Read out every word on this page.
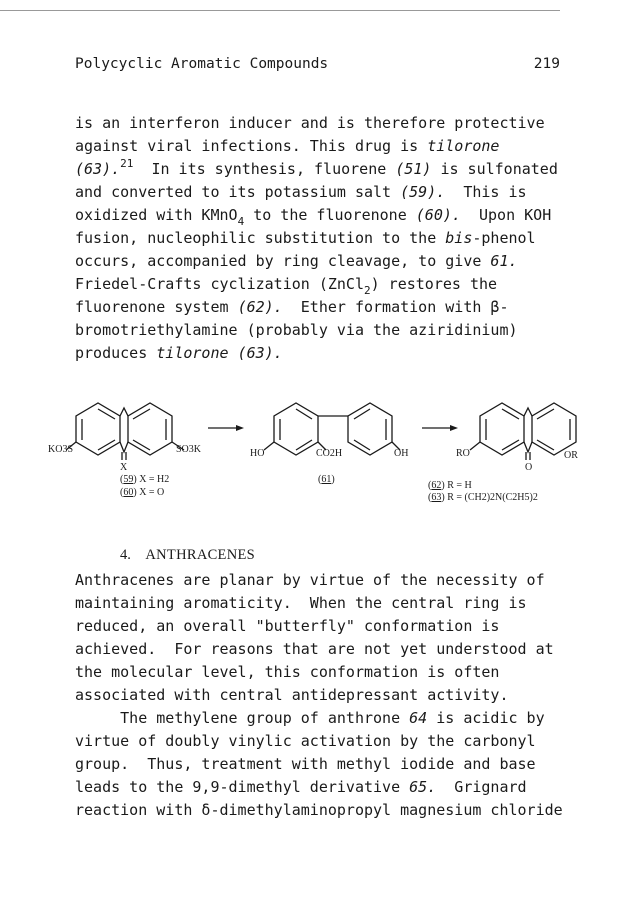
Polycyclic Aromatic Compounds	219
is an interferon inducer and is therefore protective
against viral infections. This drug is tilorone
(63).$^{21}$  In its synthesis, fluorene (51) is sulfonated
and converted to its potassium salt (59).  This is
oxidized with KMnO$_4$ to the fluorenone (60).  Upon KOH
fusion, nucleophilic substitution to the bis-phenol
occurs, accompanied by ring cleavage, to give 61.
Friedel-Crafts cyclization (ZnCl$_2$) restores the
fluorenone system (62).  Ether formation with β-
bromotriethylamine (probably via the aziridinium)
produces tilorone (63).
KO3S	SO3K
X
(59) X = H2
(60) X = O
HO	CO2H	OH
(61)
RO	OR
O
(62) R = H
(63) R = (CH2)2N(C2H5)2
4. ANTHRACENES
Anthracenes are planar by virtue of the necessity of
maintaining aromaticity.  When the central ring is
reduced, an overall "butterfly" conformation is
achieved.  For reasons that are not yet understood at
the molecular level, this conformation is often
associated with central antidepressant activity.
The methylene group of anthrone 64 is acidic by
virtue of doubly vinylic activation by the carbonyl
group.  Thus, treatment with methyl iodide and base
leads to the 9,9-dimethyl derivative 65.  Grignard
reaction with δ-dimethylaminopropyl magnesium chloride
